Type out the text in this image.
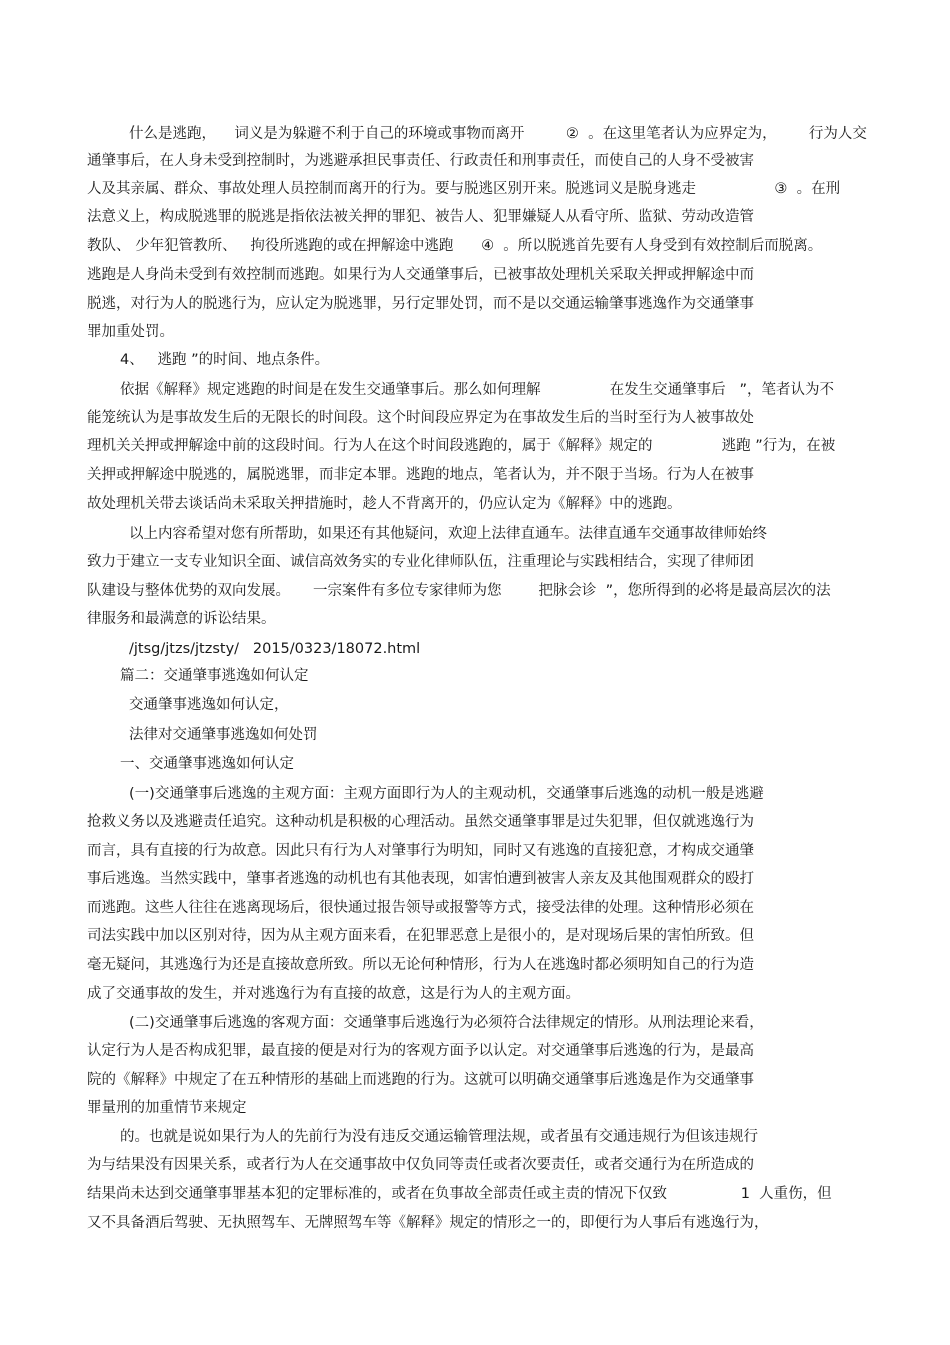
什么是逃跑，    词义是为躲避不利于自己的环境或事物而离开         ②  。在这里笔者认为应界定为，       行为人交
通肇事后，在人身未受到控制时，为逃避承担民事责任、行政责任和刑事责任，而使自己的人身不受被害
人及其亲属、群众、事故处理人员控制而离开的行为。要与脱逃区别开来。脱逃词义是脱身逃走                 ③  。在刑
法意义上，构成脱逃罪的脱逃是指依法被关押的罪犯、被告人、犯罪嫌疑人从看守所、监狱、劳动改造管
教队、 少年犯管教所、   拘役所逃跑的或在押解途中逃跑      ④  。所以脱逃首先要有人身受到有效控制后而脱离。
逃跑是人身尚未受到有效控制而逃跑。如果行为人交通肇事后，已被事故处理机关采取关押或押解途中而
脱逃，对行为人的脱逃行为，应认定为脱逃罪，另行定罪处罚，而不是以交通运输肇事逃逸作为交通肇事
罪加重处罚。
4、   逃跑 ”的时间、地点条件。
依据《解释》规定逃跑的时间是在发生交通肇事后。那么如何理解               在发生交通肇事后   ”，笔者认为不
能笼统认为是事故发生后的无限长的时间段。这个时间段应界定为在事故发生后的当时至行为人被事故处
理机关关押或押解途中前的这段时间。行为人在这个时间段逃跑的，属于《解释》规定的               逃跑 ”行为，在被
关押或押解途中脱逃的，属脱逃罪，而非定本罪。逃跑的地点，笔者认为，并不限于当场。行为人在被事
故处理机关带去谈话尚未采取关押措施时，趁人不背离开的，仍应认定为《解释》中的逃跑。
以上内容希望对您有所帮助，如果还有其他疑问，欢迎上法律直通车。法律直通车交通事故律师始终
致力于建立一支专业知识全面、诚信高效务实的专业化律师队伍，注重理论与实践相结合，实现了律师团
队建设与整体优势的双向发展。     一宗案件有多位专家律师为您        把脉会诊  ”，您所得到的必将是最高层次的法
律服务和最满意的诉讼结果。
/jtsg/jtzs/jtzsty/   2015/0323/18072.html
篇二：交通肇事逃逸如何认定
交通肇事逃逸如何认定，
法律对交通肇事逃逸如何处罚
一、交通肇事逃逸如何认定
(一)交通肇事后逃逸的主观方面：主观方面即行为人的主观动机，交通肇事后逃逸的动机一般是逃避
抢救义务以及逃避责任追究。这种动机是积极的心理活动。虽然交通肇事罪是过失犯罪，但仅就逃逸行为
而言，具有直接的行为故意。因此只有行为人对肇事行为明知，同时又有逃逸的直接犯意，才构成交通肇
事后逃逸。当然实践中，肇事者逃逸的动机也有其他表现，如害怕遭到被害人亲友及其他围观群众的殴打
而逃跑。这些人往往在逃离现场后，很快通过报告领导或报警等方式，接受法律的处理。这种情形必须在
司法实践中加以区别对待，因为从主观方面来看，在犯罪恶意上是很小的，是对现场后果的害怕所致。但
毫无疑问，其逃逸行为还是直接故意所致。所以无论何种情形，行为人在逃逸时都必须明知自己的行为造
成了交通事故的发生，并对逃逸行为有直接的故意，这是行为人的主观方面。
(二)交通肇事后逃逸的客观方面：交通肇事后逃逸行为必须符合法律规定的情形。从刑法理论来看，
认定行为人是否构成犯罪，最直接的便是对行为的客观方面予以认定。对交通肇事后逃逸的行为，是最高
院的《解释》中规定了在五种情形的基础上而逃跑的行为。这就可以明确交通肇事后逃逸是作为交通肇事
罪量刑的加重情节来规定
的。也就是说如果行为人的先前行为没有违反交通运输管理法规，或者虽有交通违规行为但该违规行
为与结果没有因果关系，或者行为人在交通事故中仅负同等责任或者次要责任，或者交通行为在所造成的
结果尚未达到交通肇事罪基本犯的定罪标准的，或者在负事故全部责任或主责的情况下仅致                1  人重伤，但
又不具备酒后驾驶、无执照驾车、无牌照驾车等《解释》规定的情形之一的，即便行为人事后有逃逸行为，
